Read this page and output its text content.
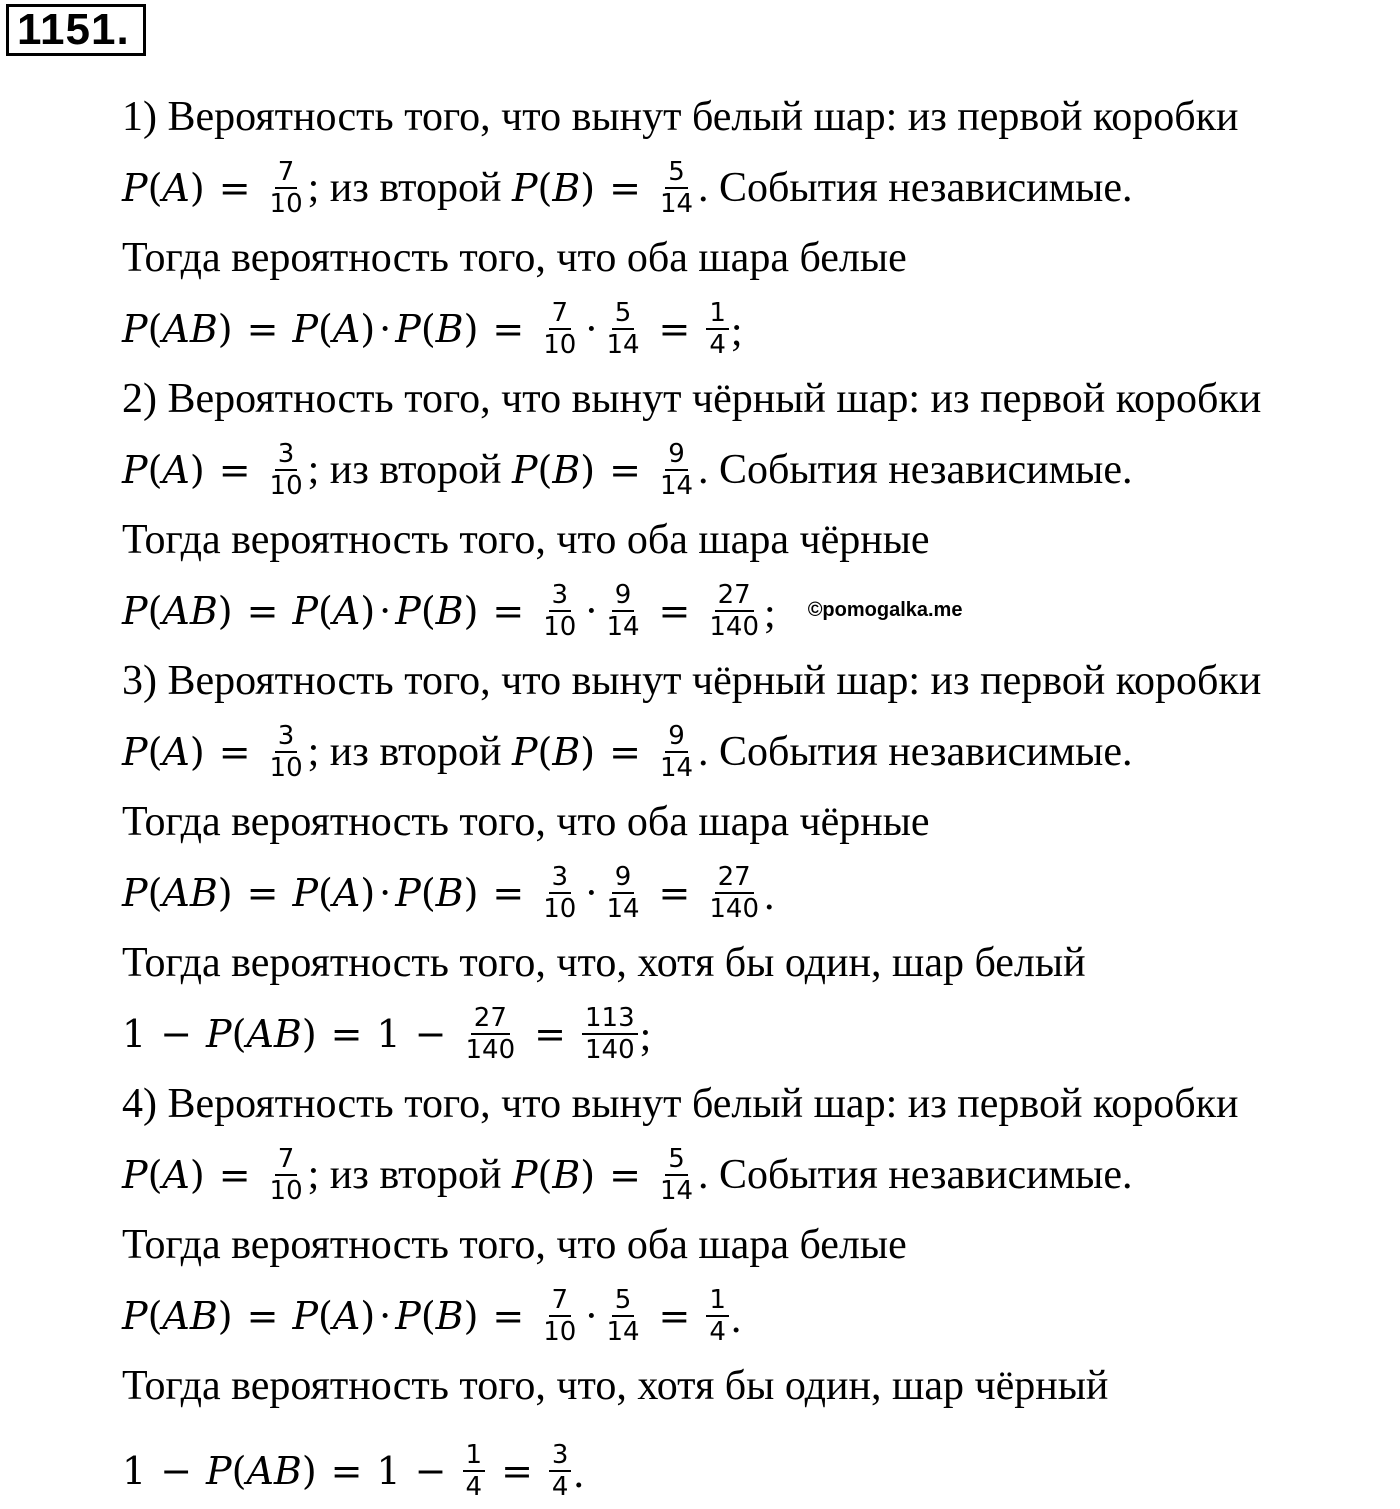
1151.
1) Вероятность того, что вынут белый шар: из первой коробки
P ( A ) = $\frac{7}{10}$ ; из второй
P ( B ) = $\frac{5}{14}$ . События независимые.
Тогда вероятность того, что оба шара белые
P ( AB ) = P ( A ) · P ( B ) = $\frac{7}{10} \cdot \frac{5}{14} = \frac{1}{4}$ ;
2) Вероятность того, что вынут чёрный шар: из первой коробки
P ( A ) = $\frac{3}{10}$ ; из второй
P ( B ) = $\frac{9}{14}$ . События независимые.
Тогда вероятность того, что оба шара чёрные
P ( AB ) = P ( A ) · P ( B ) = $\frac{3}{10} \cdot \frac{9}{14} = \frac{27}{140}$ ; ©pomogalka.me
3) Вероятность того, что вынут чёрный шар: из первой коробки
P ( A ) = $\frac{3}{10}$ ; из второй
P ( B ) = $\frac{9}{14}$ . События независимые.
Тогда вероятность того, что оба шара чёрные
P ( AB ) = P ( A ) · P ( B ) = $\frac{3}{10} \cdot \frac{9}{14} = \frac{27}{140}$ .
Тогда вероятность того, что, хотя бы один, шар белый
1 − P ( AB ) = $1 - \frac{27}{140} = \frac{113}{140}$ ;
4) Вероятность того, что вынут белый шар: из первой коробки
P ( A ) = $\frac{7}{10}$ ; из второй
P ( B ) = $\frac{5}{14}$ . События независимые.
Тогда вероятность того, что оба шара белые
P ( AB ) = P ( A ) · P ( B ) = $\frac{7}{10} \cdot \frac{5}{14} = \frac{1}{4}$ .
Тогда вероятность того, что, хотя бы один, шар чёрный
1 − P ( AB ) = $1 - \frac{1}{4} = \frac{3}{4}$ .
